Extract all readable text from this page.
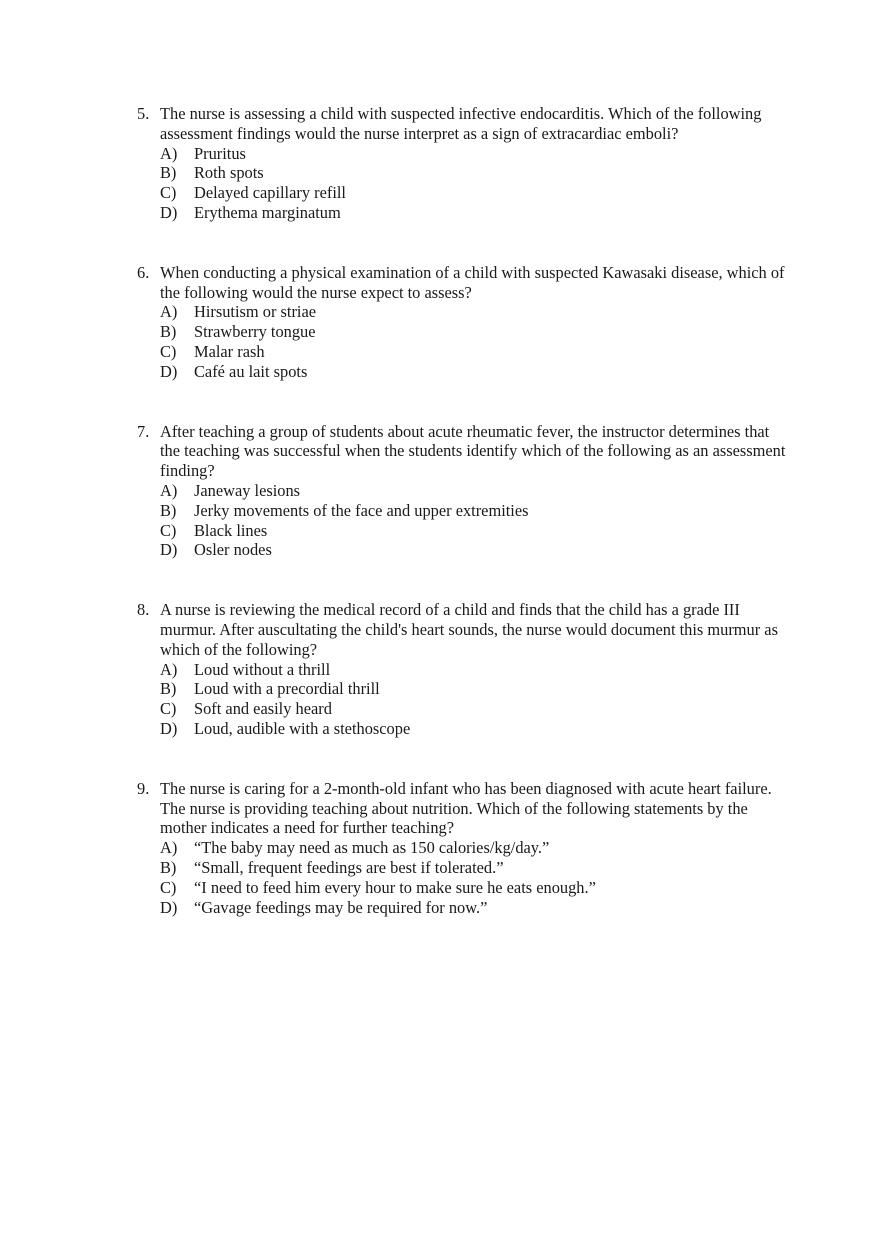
5. The nurse is assessing a child with suspected infective endocarditis. Which of the following assessment findings would the nurse interpret as a sign of extracardiac emboli?
A)	Pruritus
B)	Roth spots
C)	Delayed capillary refill
D)	Erythema marginatum
6. When conducting a physical examination of a child with suspected Kawasaki disease, which of the following would the nurse expect to assess?
A)	Hirsutism or striae
B)	Strawberry tongue
C)	Malar rash
D)	Café au lait spots
7. After teaching a group of students about acute rheumatic fever, the instructor determines that the teaching was successful when the students identify which of the following as an assessment finding?
A)	Janeway lesions
B)	Jerky movements of the face and upper extremities
C)	Black lines
D)	Osler nodes
8. A nurse is reviewing the medical record of a child and finds that the child has a grade III murmur. After auscultating the child's heart sounds, the nurse would document this murmur as which of the following?
A)	Loud without a thrill
B)	Loud with a precordial thrill
C)	Soft and easily heard
D)	Loud, audible with a stethoscope
9. The nurse is caring for a 2-month-old infant who has been diagnosed with acute heart failure. The nurse is providing teaching about nutrition. Which of the following statements by the mother indicates a need for further teaching?
A)	“The baby may need as much as 150 calories/kg/day.”
B)	“Small, frequent feedings are best if tolerated.”
C)	“I need to feed him every hour to make sure he eats enough.”
D)	“Gavage feedings may be required for now.”
